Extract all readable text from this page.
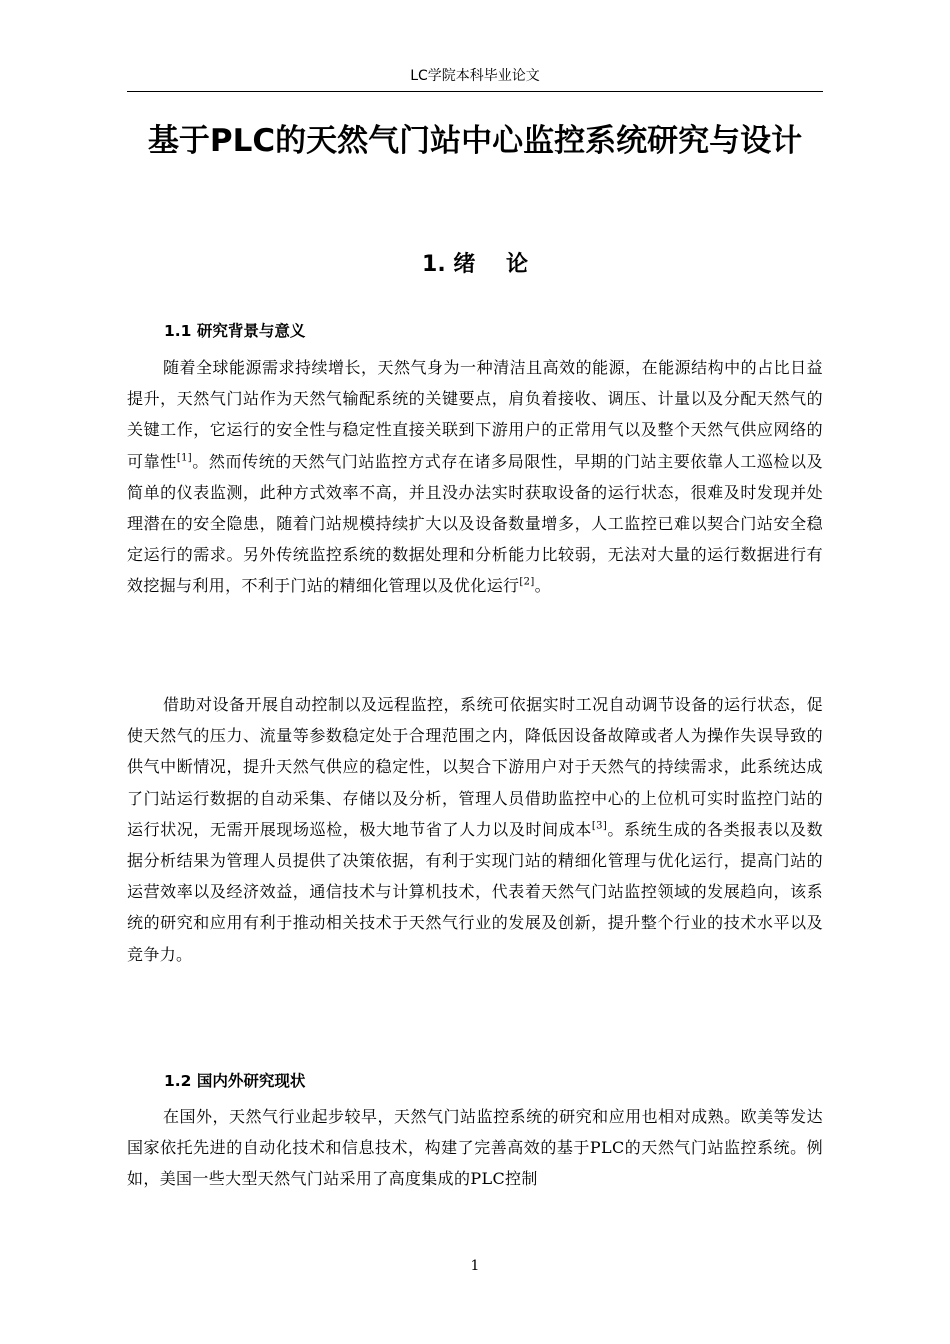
LC学院本科毕业论文
基于PLC的天然气门站中心监控系统研究与设计
1. 绪    论
1.1 研究背景与意义

随着全球能源需求持续增长，天然气身为一种清洁且高效的能源，在能源结构中的占比日益提升，天然气门站作为天然气输配系统的关键要点，肩负着接收、调压、计量以及分配天然气的关键工作，它运行的安全性与稳定性直接关联到下游用户的正常用气以及整个天然气供应网络的可靠性[1]。然而传统的天然气门站监控方式存在诸多局限性，早期的门站主要依靠人工巡检以及简单的仪表监测，此种方式效率不高，并且没办法实时获取设备的运行状态，很难及时发现并处理潜在的安全隐患，随着门站规模持续扩大以及设备数量增多，人工监控已难以契合门站安全稳定运行的需求。另外传统监控系统的数据处理和分析能力比较弱，无法对大量的运行数据进行有效挖掘与利用，不利于门站的精细化管理以及优化运行[2]。

借助对设备开展自动控制以及远程监控，系统可依据实时工况自动调节设备的运行状态，促使天然气的压力、流量等参数稳定处于合理范围之内，降低因设备故障或者人为操作失误导致的供气中断情况，提升天然气供应的稳定性，以契合下游用户对于天然气的持续需求，此系统达成了门站运行数据的自动采集、存储以及分析，管理人员借助监控中心的上位机可实时监控门站的运行状况，无需开展现场巡检，极大地节省了人力以及时间成本[3]。系统生成的各类报表以及数据分析结果为管理人员提供了决策依据，有利于实现门站的精细化管理与优化运行，提高门站的运营效率以及经济效益，通信技术与计算机技术，代表着天然气门站监控领域的发展趋向，该系统的研究和应用有利于推动相关技术于天然气行业的发展及创新，提升整个行业的技术水平以及竞争力。

1.2 国内外研究现状

在国外，天然气行业起步较早，天然气门站监控系统的研究和应用也相对成熟。欧美等发达国家依托先进的自动化技术和信息技术，构建了完善高效的基于PLC的天然气门站监控系统。例如，美国一些大型天然气门站采用了高度集成的PLC控制

1
